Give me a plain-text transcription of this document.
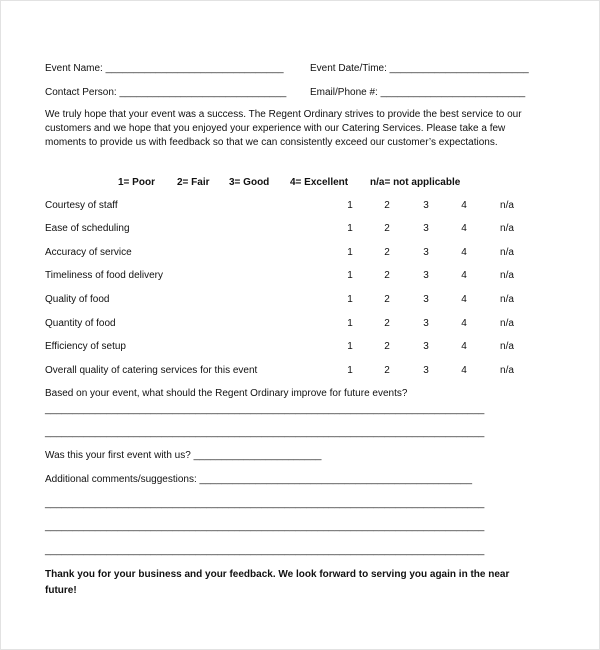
Event Name: ________________________________	Event Date/Time: _________________________
Contact Person: ______________________________ Email/Phone #: __________________________
We truly hope that your event was a success. The Regent Ordinary strives to provide the best service to our customers and we hope that you enjoyed your experience with our Catering Services. Please take a few moments to provide us with feedback so that we can consistently exceed our customer’s expectations.
1= Poor 2= Fair 3= Good 4= Excellent n/a= not applicable
Courtesy of staff	1	2	3	4	n/a
Ease of scheduling	1	2	3	4	n/a
Accuracy of service	1	2	3	4	n/a
Timeliness of food delivery	1	2	3	4	n/a
Quality of food	1	2	3	4	n/a
Quantity of food	1	2	3	4	n/a
Efficiency of setup	1	2	3	4	n/a
Overall quality of catering services for this event	1	2	3	4	n/a
Based on your event, what should the Regent Ordinary improve for future events?
_______________________________________________________________________________
_______________________________________________________________________________
Was this your first event with us? _______________________
Additional comments/suggestions: _________________________________________________
_______________________________________________________________________________
_______________________________________________________________________________
_______________________________________________________________________________
Thank you for your business and your feedback. We look forward to serving you again in the near future!
